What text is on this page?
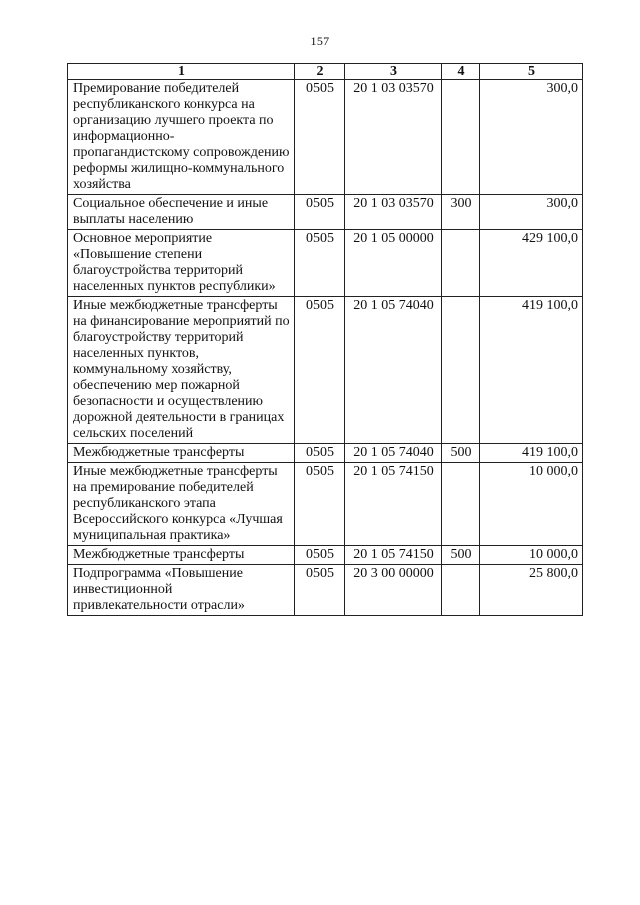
157
1	2	3	4	5
Премирование победителей республиканского конкурса на организацию лучшего проекта по информационно-пропагандистскому сопровождению реформы жилищно-коммунального хозяйства	0505	20 1 03 03570		300,0
Социальное обеспечение и иные выплаты населению	0505	20 1 03 03570	300	300,0
Основное мероприятие «Повышение степени благоустройства территорий населенных пунктов республики»	0505	20 1 05 00000		429 100,0
Иные межбюджетные трансферты на финансирование мероприятий по благоустройству территорий населенных пунктов, коммунальному хозяйству, обеспечению мер пожарной безопасности и осуществлению дорожной деятельности в границах сельских поселений	0505	20 1 05 74040		419 100,0
Межбюджетные трансферты	0505	20 1 05 74040	500	419 100,0
Иные межбюджетные трансферты на премирование победителей республиканского этапа Всероссийского конкурса «Лучшая муниципальная практика»	0505	20 1 05 74150		10 000,0
Межбюджетные трансферты	0505	20 1 05 74150	500	10 000,0
Подпрограмма «Повышение инвестиционной привлекательности отрасли»	0505	20 3 00 00000		25 800,0
